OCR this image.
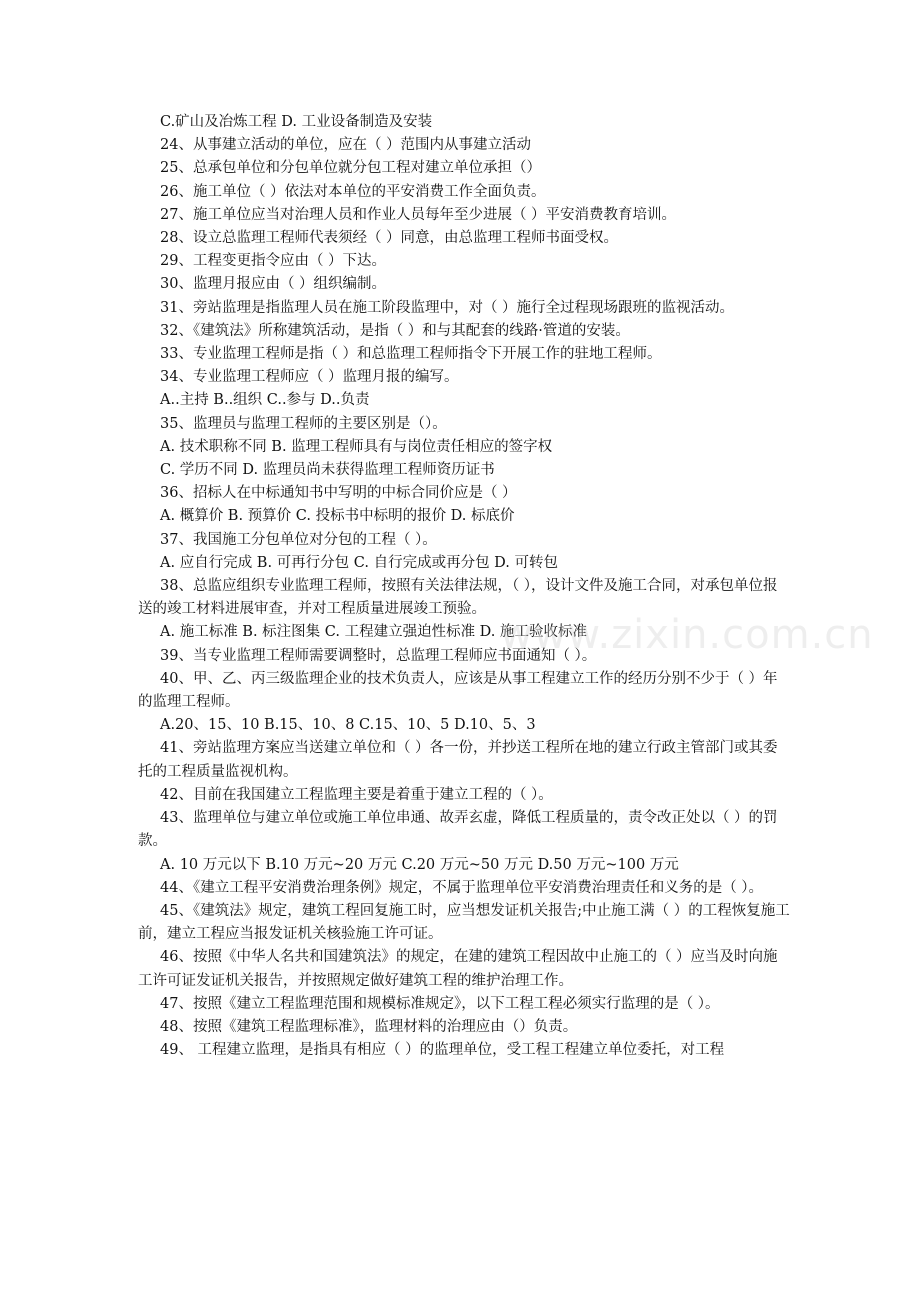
C.矿山及冶炼工程 D. 工业设备制造及安装

24、从事建立活动的单位，应在（ ）范围内从事建立活动

25、总承包单位和分包单位就分包工程对建立单位承担（）

26、施工单位（ ）依法对本单位的平安消费工作全面负责。

27、施工单位应当对治理人员和作业人员每年至少进展（ ）平安消费教育培训。

28、设立总监理工程师代表须经（ ）同意，由总监理工程师书面受权。

29、工程变更指令应由（ ）下达。

30、监理月报应由（ ）组织编制。

31、旁站监理是指监理人员在施工阶段监理中，对（ ）施行全过程现场跟班的监视活动。

32、《建筑法》所称建筑活动，是指（ ）和与其配套的线路·管道的安装。

33、专业监理工程师是指（ ）和总监理工程师指令下开展工作的驻地工程师。

34、专业监理工程师应（ ）监理月报的编写。

A..主持 B..组织 C..参与 D..负责

35、监理员与监理工程师的主要区别是（）。

A. 技术职称不同 B. 监理工程师具有与岗位责任相应的签字权

C. 学历不同 D. 监理员尚未获得监理工程师资历证书

36、招标人在中标通知书中写明的中标合同价应是（ ）

A. 概算价 B. 预算价 C. 投标书中标明的报价 D. 标底价

37、我国施工分包单位对分包的工程（ ）。

A. 应自行完成 B. 可再行分包 C. 自行完成或再分包 D. 可转包

38、总监应组织专业监理工程师，按照有关法律法规，（ ），设计文件及施工合同，对承包单位报送的竣工材料进展审查，并对工程质量进展竣工预验。

A. 施工标准 B. 标注图集 C. 工程建立强迫性标准 D. 施工验收标准

39、当专业监理工程师需要调整时，总监理工程师应书面通知（ ）。

40、甲、乙、丙三级监理企业的技术负责人，应该是从事工程建立工作的经历分别不少于（ ）年的监理工程师。

A.20、15、10 B.15、10、8 C.15、10、5 D.10、5、3

41、旁站监理方案应当送建立单位和（ ）各一份，并抄送工程所在地的建立行政主管部门或其委托的工程质量监视机构。

42、目前在我国建立工程监理主要是着重于建立工程的（ ）。

43、监理单位与建立单位或施工单位串通、故弄玄虚，降低工程质量的，责令改正处以（ ）的罚款。

A. 10 万元以下 B.10 万元~20 万元 C.20 万元~50 万元 D.50 万元~100 万元

44、《建立工程平安消费治理条例》规定，不属于监理单位平安消费治理责任和义务的是（ ）。

45、《建筑法》规定，建筑工程回复施工时，应当想发证机关报告;中止施工满（ ）的工程恢复施工前，建立工程应当报发证机关核验施工许可证。

46、按照《中华人名共和国建筑法》的规定，在建的建筑工程因故中止施工的（ ）应当及时向施工许可证发证机关报告，并按照规定做好建筑工程的维护治理工作。

47、按照《建立工程监理范围和规模标准规定》，以下工程工程必须实行监理的是（ ）。

48、按照《建筑工程监理标准》，监理材料的治理应由（）负责。

49、 工程建立监理，是指具有相应（ ）的监理单位，受工程工程建立单位委托，对工程

www.zixin.com.cn
